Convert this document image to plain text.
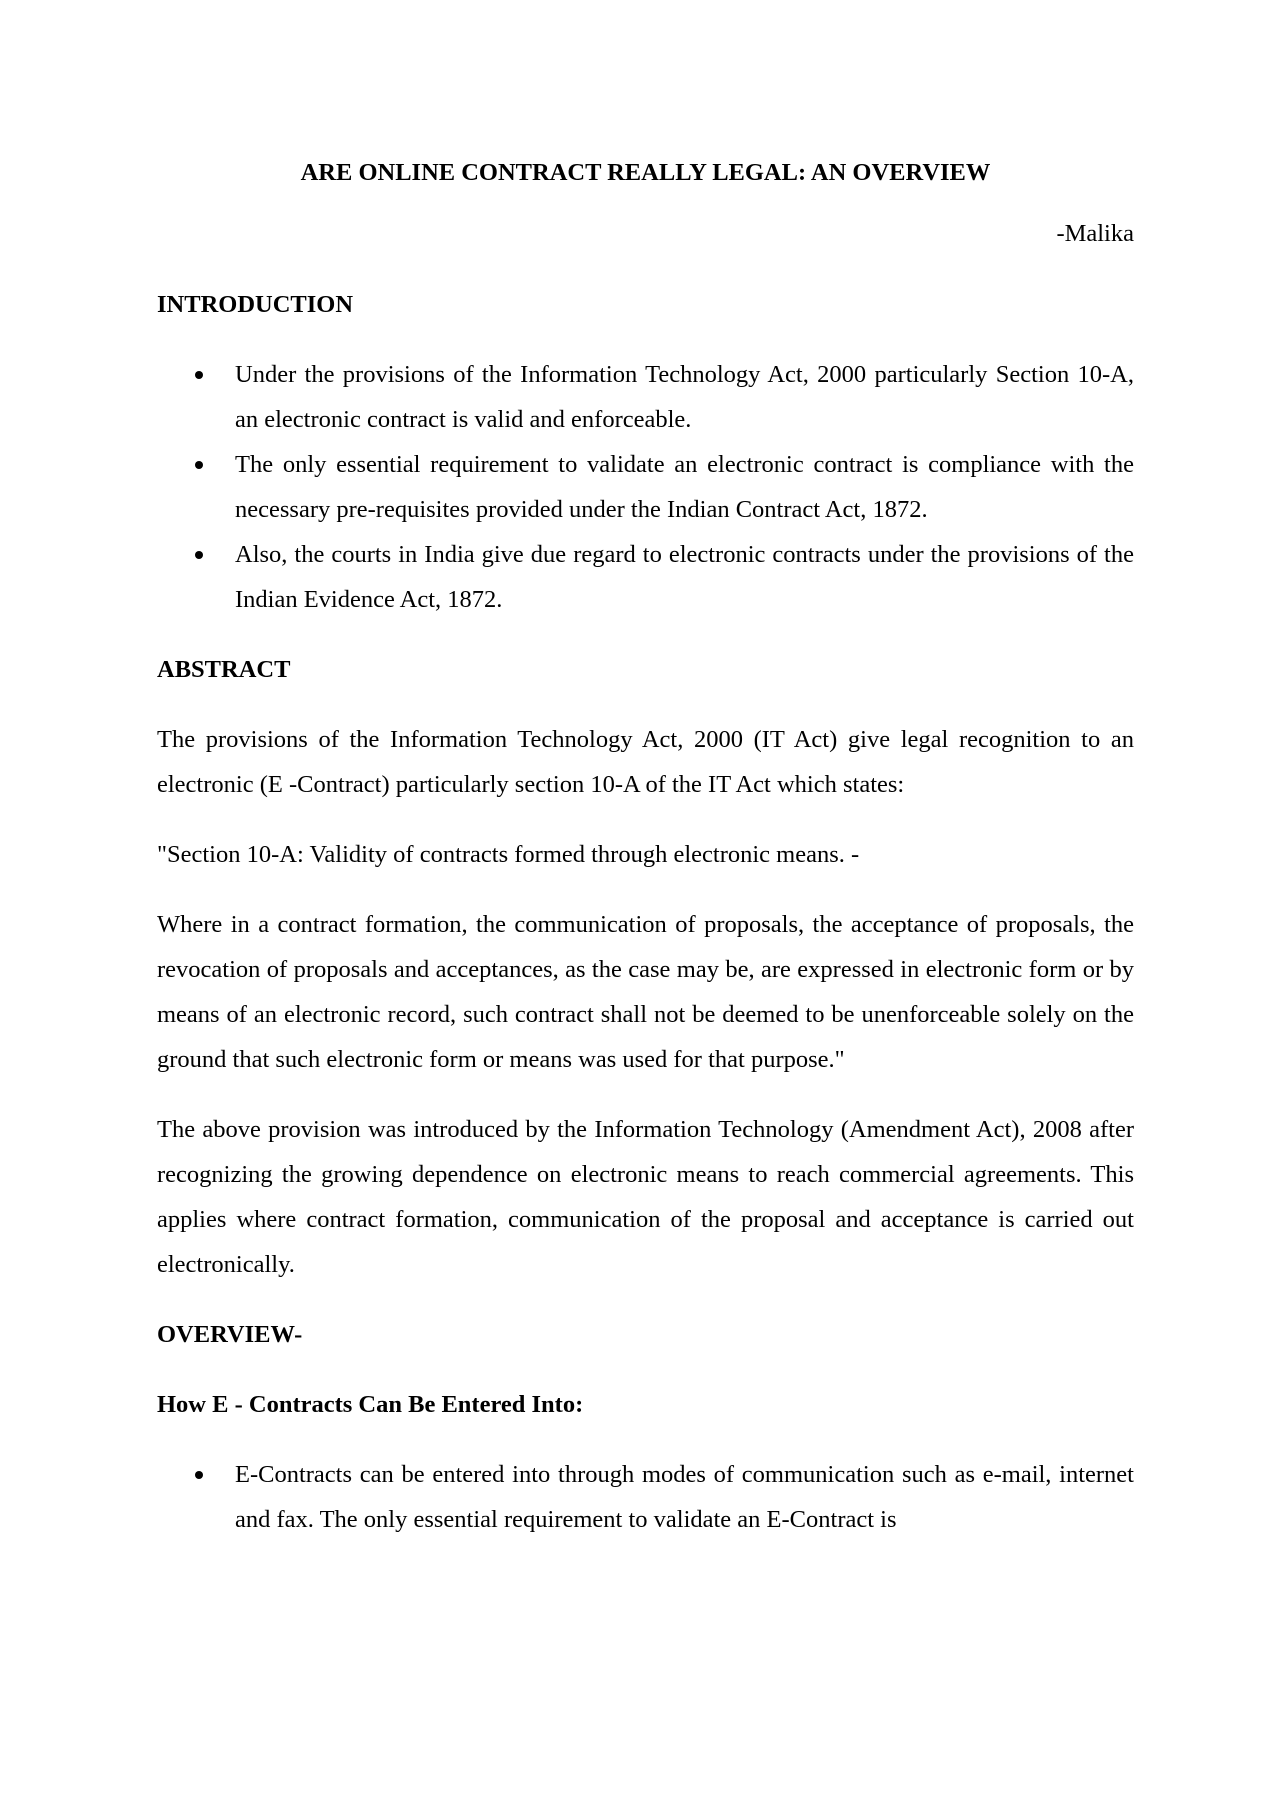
ARE ONLINE CONTRACT REALLY LEGAL: AN OVERVIEW
-Malika
INTRODUCTION
Under the provisions of the Information Technology Act, 2000 particularly Section 10-A, an electronic contract is valid and enforceable.
The only essential requirement to validate an electronic contract is compliance with the necessary pre-requisites provided under the Indian Contract Act, 1872.
Also, the courts in India give due regard to electronic contracts under the provisions of the Indian Evidence Act, 1872.
ABSTRACT
The provisions of the Information Technology Act, 2000 (IT Act) give legal recognition to an electronic (E -Contract) particularly section 10-A of the IT Act which states:
"Section 10-A: Validity of contracts formed through electronic means. -
Where in a contract formation, the communication of proposals, the acceptance of proposals, the revocation of proposals and acceptances, as the case may be, are expressed in electronic form or by means of an electronic record, such contract shall not be deemed to be unenforceable solely on the ground that such electronic form or means was used for that purpose."
The above provision was introduced by the Information Technology (Amendment Act), 2008 after recognizing the growing dependence on electronic means to reach commercial agreements. This applies where contract formation, communication of the proposal and acceptance is carried out electronically.
OVERVIEW-
How E - Contracts Can Be Entered Into:
E-Contracts can be entered into through modes of communication such as e-mail, internet and fax. The only essential requirement to validate an E-Contract is
